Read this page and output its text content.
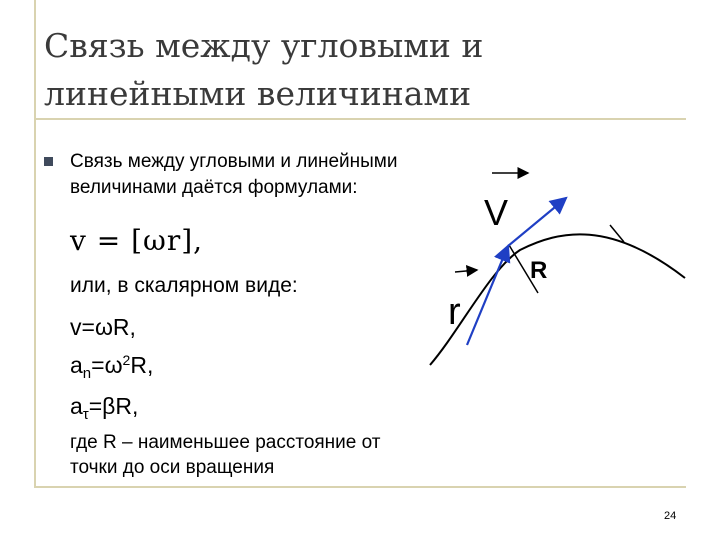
Связь между угловыми и линейными величинами
Связь между угловыми и линейными величинами даётся формулами:
v = [ωr],
или, в скалярном виде:
v=ωR,
$a_n=\omega^2R$,
$a_\tau=\beta R$,
где R – наименьшее расстояние от точки до оси вращения
V
r
R
24
